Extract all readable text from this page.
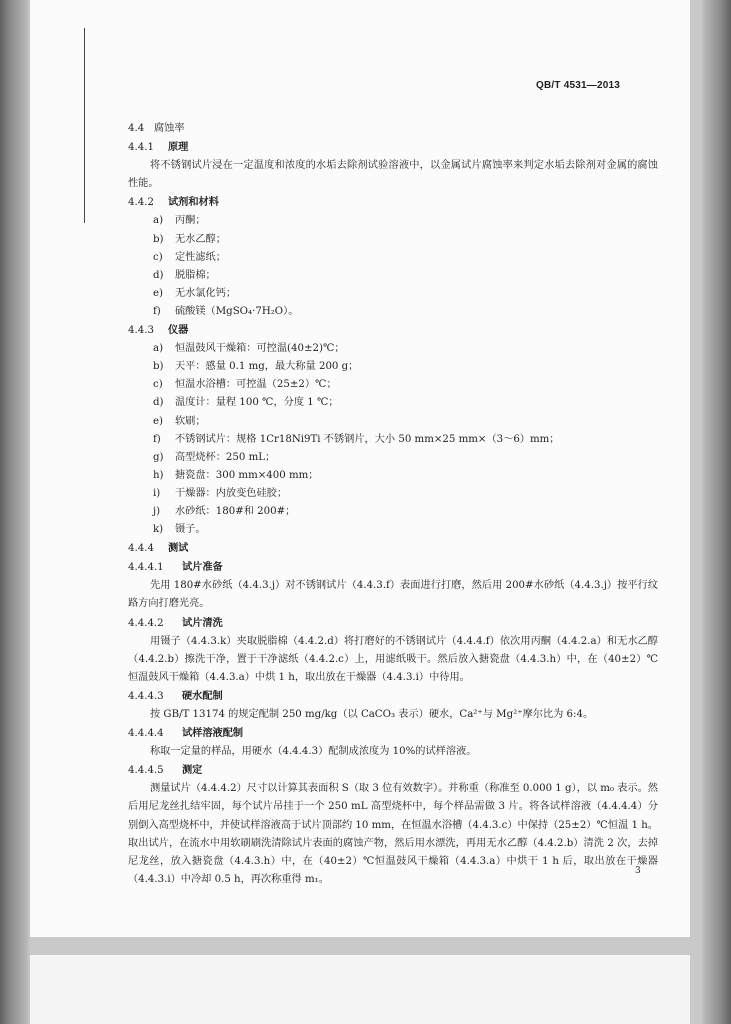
QB/T 4531—2013
4.4 腐蚀率
4.4.1 原理
将不锈钢试片浸在一定温度和浓度的水垢去除剂试验溶液中，以金属试片腐蚀率来判定水垢去除剂对金属的腐蚀性能。
4.4.2 试剂和材料
a) 丙酮；
b) 无水乙醇；
c) 定性滤纸；
d) 脱脂棉；
e) 无水氯化钙；
f) 硫酸镁（MgSO₄·7H₂O）。
4.4.3 仪器
a) 恒温鼓风干燥箱：可控温(40±2)℃；
b) 天平：感量 0.1 mg，最大称量 200 g；
c) 恒温水浴槽：可控温（25±2）℃；
d) 温度计：量程 100 ℃，分度 1 ℃；
e) 软刷；
f) 不锈钢试片：规格 1Cr18Ni9Ti 不锈钢片，大小 50 mm×25 mm×（3～6）mm；
g) 高型烧杯：250 mL；
h) 搪瓷盘：300 mm×400 mm；
i) 干燥器：内放变色硅胶；
j) 水砂纸：180#和 200#；
k) 镊子。
4.4.4 测试
4.4.4.1 试片准备
先用 180#水砂纸（4.4.3.j）对不锈钢试片（4.4.3.f）表面进行打磨，然后用 200#水砂纸（4.4.3.j）按平行纹路方向打磨光亮。
4.4.4.2 试片清洗
用镊子（4.4.3.k）夹取脱脂棉（4.4.2.d）将打磨好的不锈钢试片（4.4.4.f）依次用丙酮（4.4.2.a）和无水乙醇（4.4.2.b）擦洗干净，置于干净滤纸（4.4.2.c）上，用滤纸吸干。然后放入搪瓷盘（4.4.3.h）中，在（40±2）℃恒温鼓风干燥箱（4.4.3.a）中烘 1 h，取出放在干燥器（4.4.3.i）中待用。
4.4.4.3 硬水配制
按 GB/T 13174 的规定配制 250 mg/kg（以 CaCO₃ 表示）硬水，Ca²⁺与 Mg²⁺摩尔比为 6:4。
4.4.4.4 试样溶液配制
称取一定量的样品，用硬水（4.4.4.3）配制成浓度为 10%的试样溶液。
4.4.4.5 测定
测量试片（4.4.4.2）尺寸以计算其表面积 S（取 3 位有效数字）。并称重（称准至 0.000 1 g），以 m₀ 表示。然后用尼龙丝扎结牢固，每个试片吊挂于一个 250 mL 高型烧杯中，每个样品需做 3 片。将各试样溶液（4.4.4.4）分别倒入高型烧杯中，并使试样溶液高于试片顶部约 10 mm，在恒温水浴槽（4.4.3.c）中保持（25±2）℃恒温 1 h。取出试片，在流水中用软刷刷洗清除试片表面的腐蚀产物，然后用水漂洗，再用无水乙醇（4.4.2.b）清洗 2 次，去掉尼龙丝，放入搪瓷盘（4.4.3.h）中，在（40±2）℃恒温鼓风干燥箱（4.4.3.a）中烘干 1 h 后，取出放在干燥器（4.4.3.i）中冷却 0.5 h，再次称重得 m₁。
3
